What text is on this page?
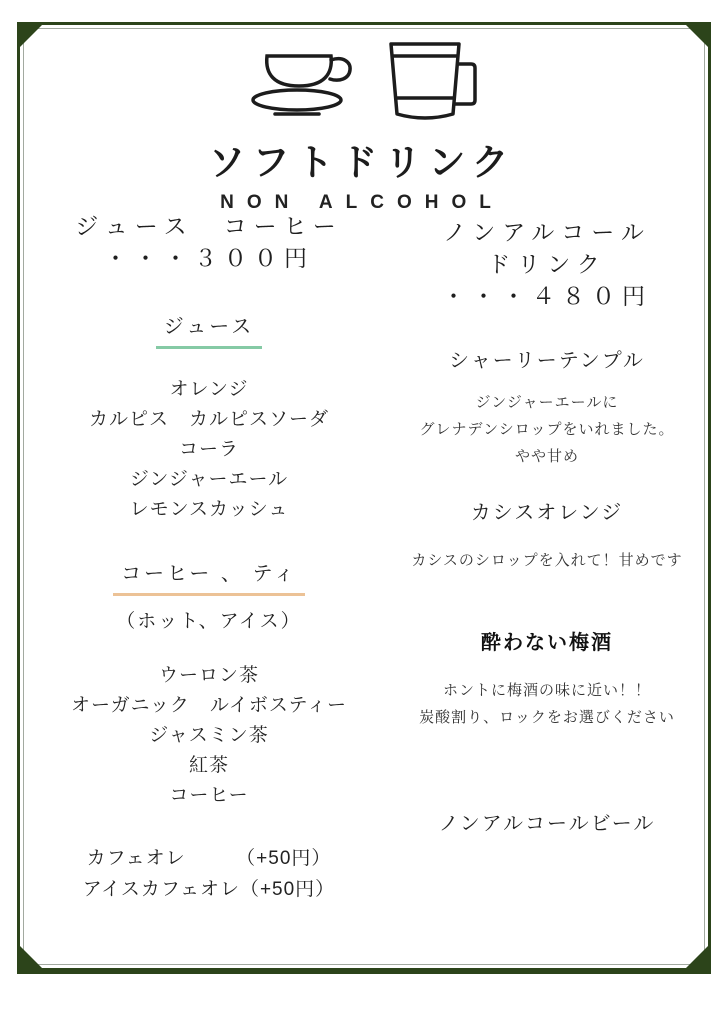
ソフトドリンク
NON ALCOHOL
ジュース　コーヒー
・・・３００円
ジュース
オレンジ
カルピス　カルピスソーダ
コーラ
ジンジャーエール
レモンスカッシュ
コーヒー 、 ティ
（ホット、アイス）
ウーロン茶
オーガニック　ルイボスティー
ジャスミン茶
紅茶
コーヒー
カフェオレ　　　（+50円）
アイスカフェオレ（+50円）
ノンアルコール
ドリンク
・・・４８０円
シャーリーテンプル
ジンジャーエールに
グレナデンシロップをいれました。
やや甘め
カシスオレンジ
カシスのシロップを入れて！甘めです
酔わない梅酒
ホントに梅酒の味に近い！！
炭酸割り、ロックをお選びください
ノンアルコールビール
